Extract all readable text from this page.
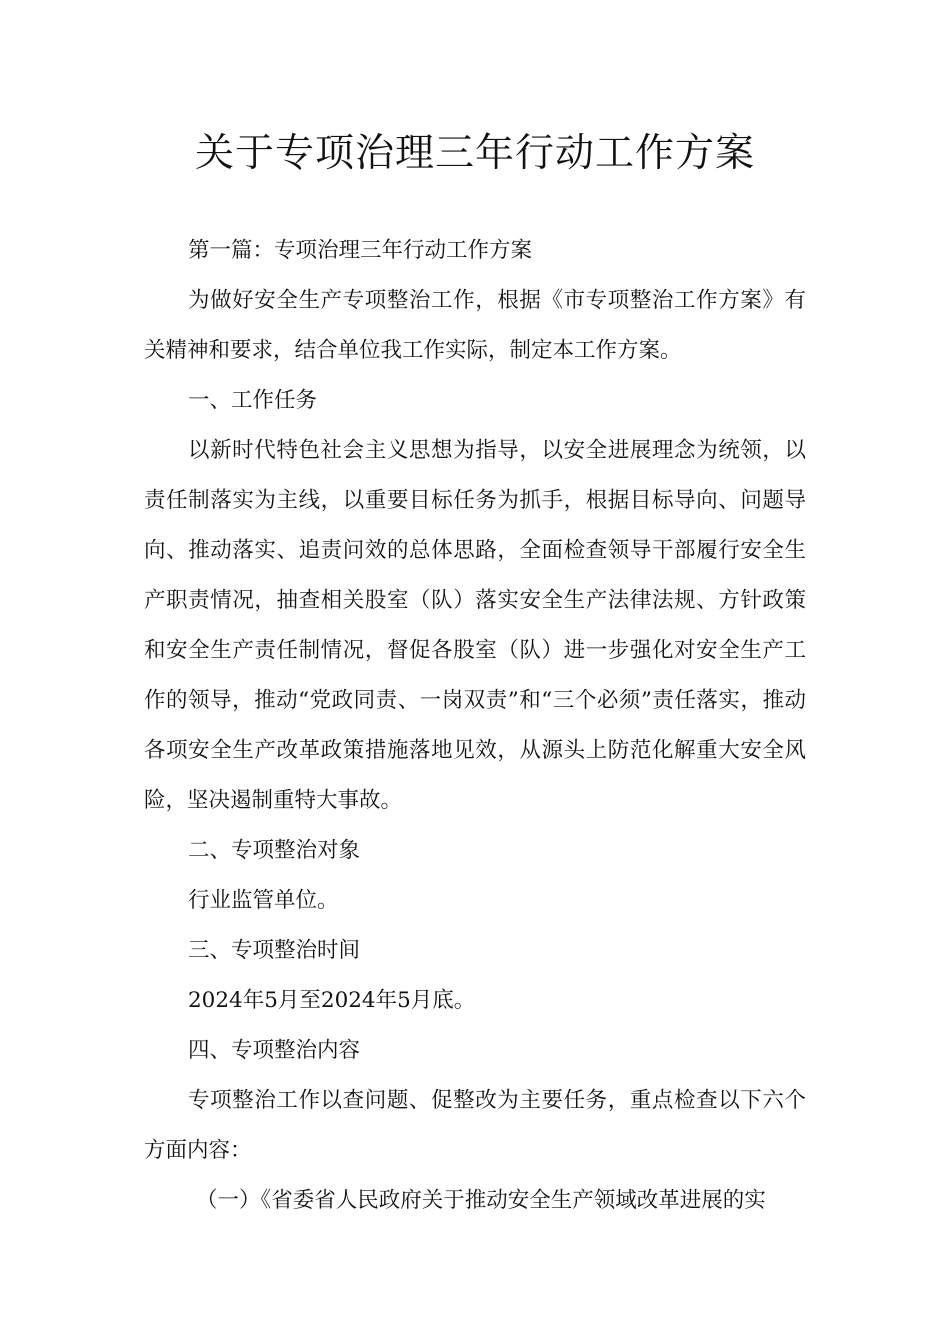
关于专项治理三年行动工作方案

第一篇：专项治理三年行动工作方案

为做好安全生产专项整治工作，根据《市专项整治工作方案》有关精神和要求，结合单位我工作实际，制定本工作方案。

一、工作任务

以新时代特色社会主义思想为指导，以安全进展理念为统领，以责任制落实为主线，以重要目标任务为抓手，根据目标导向、问题导向、推动落实、追责问效的总体思路，全面检查领导干部履行安全生产职责情况，抽查相关股室（队）落实安全生产法律法规、方针政策和安全生产责任制情况，督促各股室（队）进一步强化对安全生产工作的领导，推动“党政同责、一岗双责”和“三个必须”责任落实，推动各项安全生产改革政策措施落地见效，从源头上防范化解重大安全风险，坚决遏制重特大事故。

二、专项整治对象

行业监管单位。

三、专项整治时间

2024年5月至2024年5月底。

四、专项整治内容

专项整治工作以查问题、促整改为主要任务，重点检查以下六个方面内容：

（一）《省委省人民政府关于推动安全生产领域改革进展的实
